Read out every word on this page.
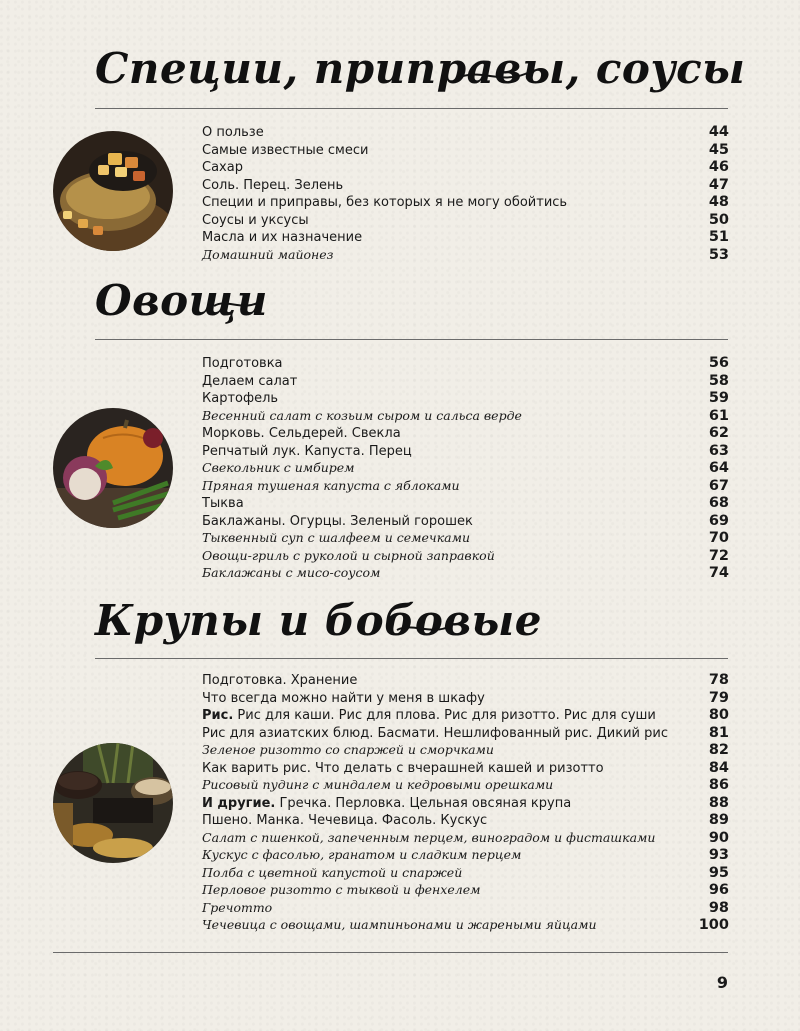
Специи, приправы, соусы
О пользе	44
Самые известные смеси	45
Сахар	46
Соль. Перец. Зелень	47
Специи и приправы, без которых я не могу обойтись	48
Соусы и уксусы	50
Масла и их назначение	51
Домашний майонез	53
Овощи
Подготовка	56
Делаем салат	58
Картофель	59
Весенний салат с козьим сыром и сальса верде	61
Морковь. Сельдерей. Свекла	62
Репчатый лук. Капуста. Перец	63
Свекольник с имбирем	64
Пряная тушеная капуста с яблоками	67
Тыква	68
Баклажаны. Огурцы. Зеленый горошек	69
Тыквенный суп с шалфеем и семечками	70
Овощи-гриль с руколой и сырной заправкой	72
Баклажаны с мисо-соусом	74
Крупы и бобовые
Подготовка. Хранение	78
Что всегда можно найти у меня в шкафу	79
Рис. Рис для каши. Рис для плова. Рис для ризотто. Рис для суши	80
Рис для азиатских блюд. Басмати. Нешлифованный рис. Дикий рис	81
Зеленое ризотто со спаржей и сморчками	82
Как варить рис. Что делать с вчерашней кашей и ризотто	84
Рисовый пудинг с миндалем и кедровыми орешками	86
И другие. Гречка. Перловка. Цельная овсяная крупа	88
Пшено. Манка. Чечевица. Фасоль. Кускус	89
Салат с пшенкой, запеченным перцем, виноградом и фисташками	90
Кускус с фасолью, гранатом и сладким перцем	93
Полба с цветной капустой и спаржей	95
Перловое ризотто с тыквой и фенхелем	96
Гречотто	98
Чечевица с овощами, шампиньонами и жареными яйцами	100
9
